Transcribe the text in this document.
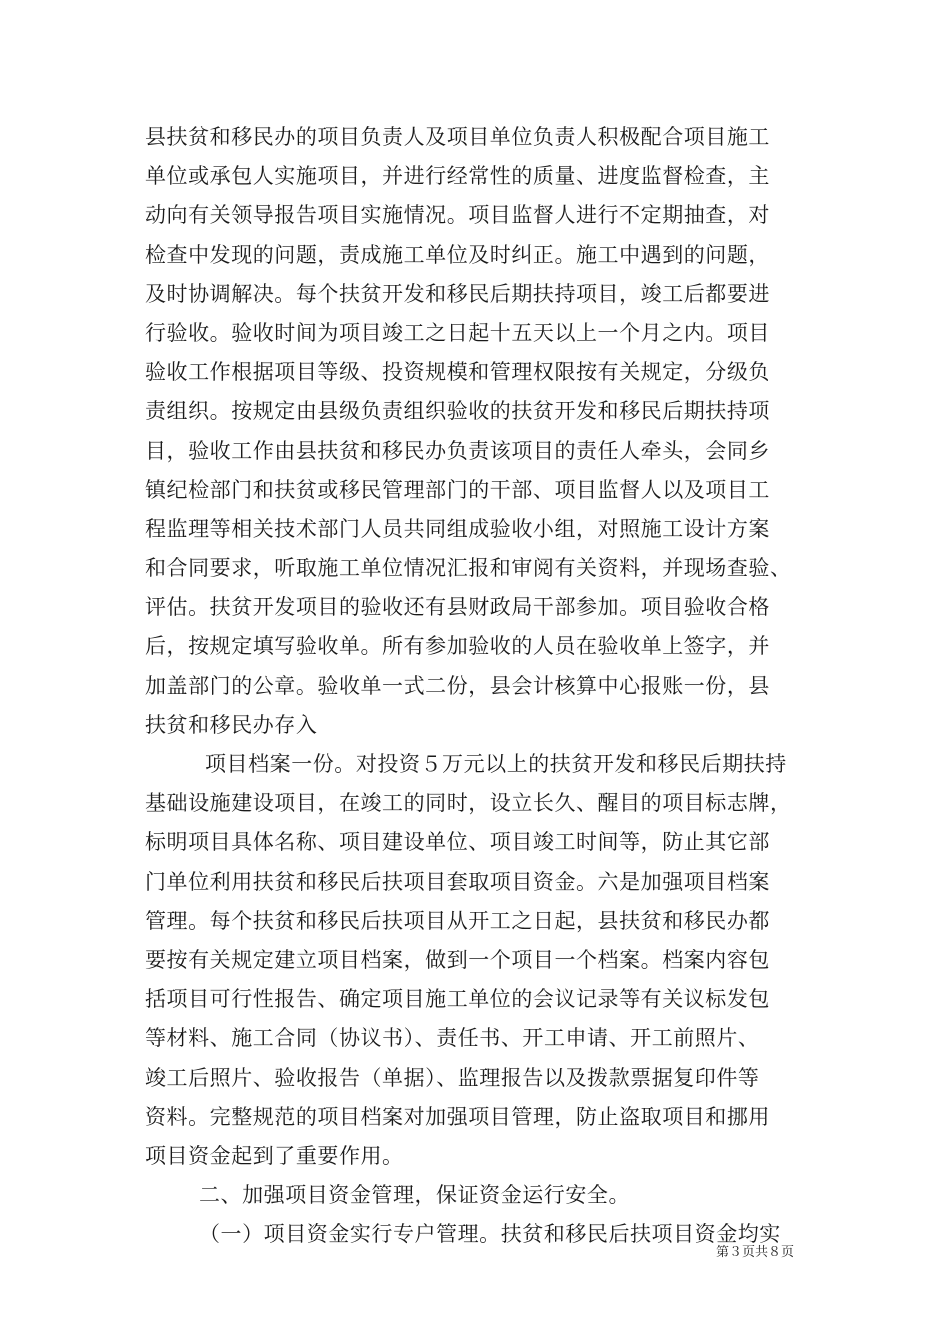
县扶贫和移民办的项目负责人及项目单位负责人积极配合项目施工
单位或承包人实施项目，并进行经常性的质量、进度监督检查，主
动向有关领导报告项目实施情况。项目监督人进行不定期抽查，对
检查中发现的问题，责成施工单位及时纠正。施工中遇到的问题，
及时协调解决。每个扶贫开发和移民后期扶持项目，竣工后都要进
行验收。验收时间为项目竣工之日起十五天以上一个月之内。项目
验收工作根据项目等级、投资规模和管理权限按有关规定，分级负
责组织。按规定由县级负责组织验收的扶贫开发和移民后期扶持项
目，验收工作由县扶贫和移民办负责该项目的责任人牵头，会同乡
镇纪检部门和扶贫或移民管理部门的干部、项目监督人以及项目工
程监理等相关技术部门人员共同组成验收小组，对照施工设计方案
和合同要求，听取施工单位情况汇报和审阅有关资料，并现场查验、
评估。扶贫开发项目的验收还有县财政局干部参加。项目验收合格
后，按规定填写验收单。所有参加验收的人员在验收单上签字，并
加盖部门的公章。验收单一式二份，县会计核算中心报账一份，县
扶贫和移民办存入
项目档案一份。对投资５万元以上的扶贫开发和移民后期扶持
基础设施建设项目，在竣工的同时，设立长久、醒目的项目标志牌，
标明项目具体名称、项目建设单位、项目竣工时间等，防止其它部
门单位利用扶贫和移民后扶项目套取项目资金。六是加强项目档案
管理。每个扶贫和移民后扶项目从开工之日起，县扶贫和移民办都
要按有关规定建立项目档案，做到一个项目一个档案。档案内容包
括项目可行性报告、确定项目施工单位的会议记录等有关议标发包
等材料、施工合同（协议书）、责任书、开工申请、开工前照片、
竣工后照片、验收报告（单据）、监理报告以及拨款票据复印件等
资料。完整规范的项目档案对加强项目管理，防止盗取项目和挪用
项目资金起到了重要作用。
二、加强项目资金管理，保证资金运行安全。
（一）项目资金实行专户管理。扶贫和移民后扶项目资金均实
第３页共８页
